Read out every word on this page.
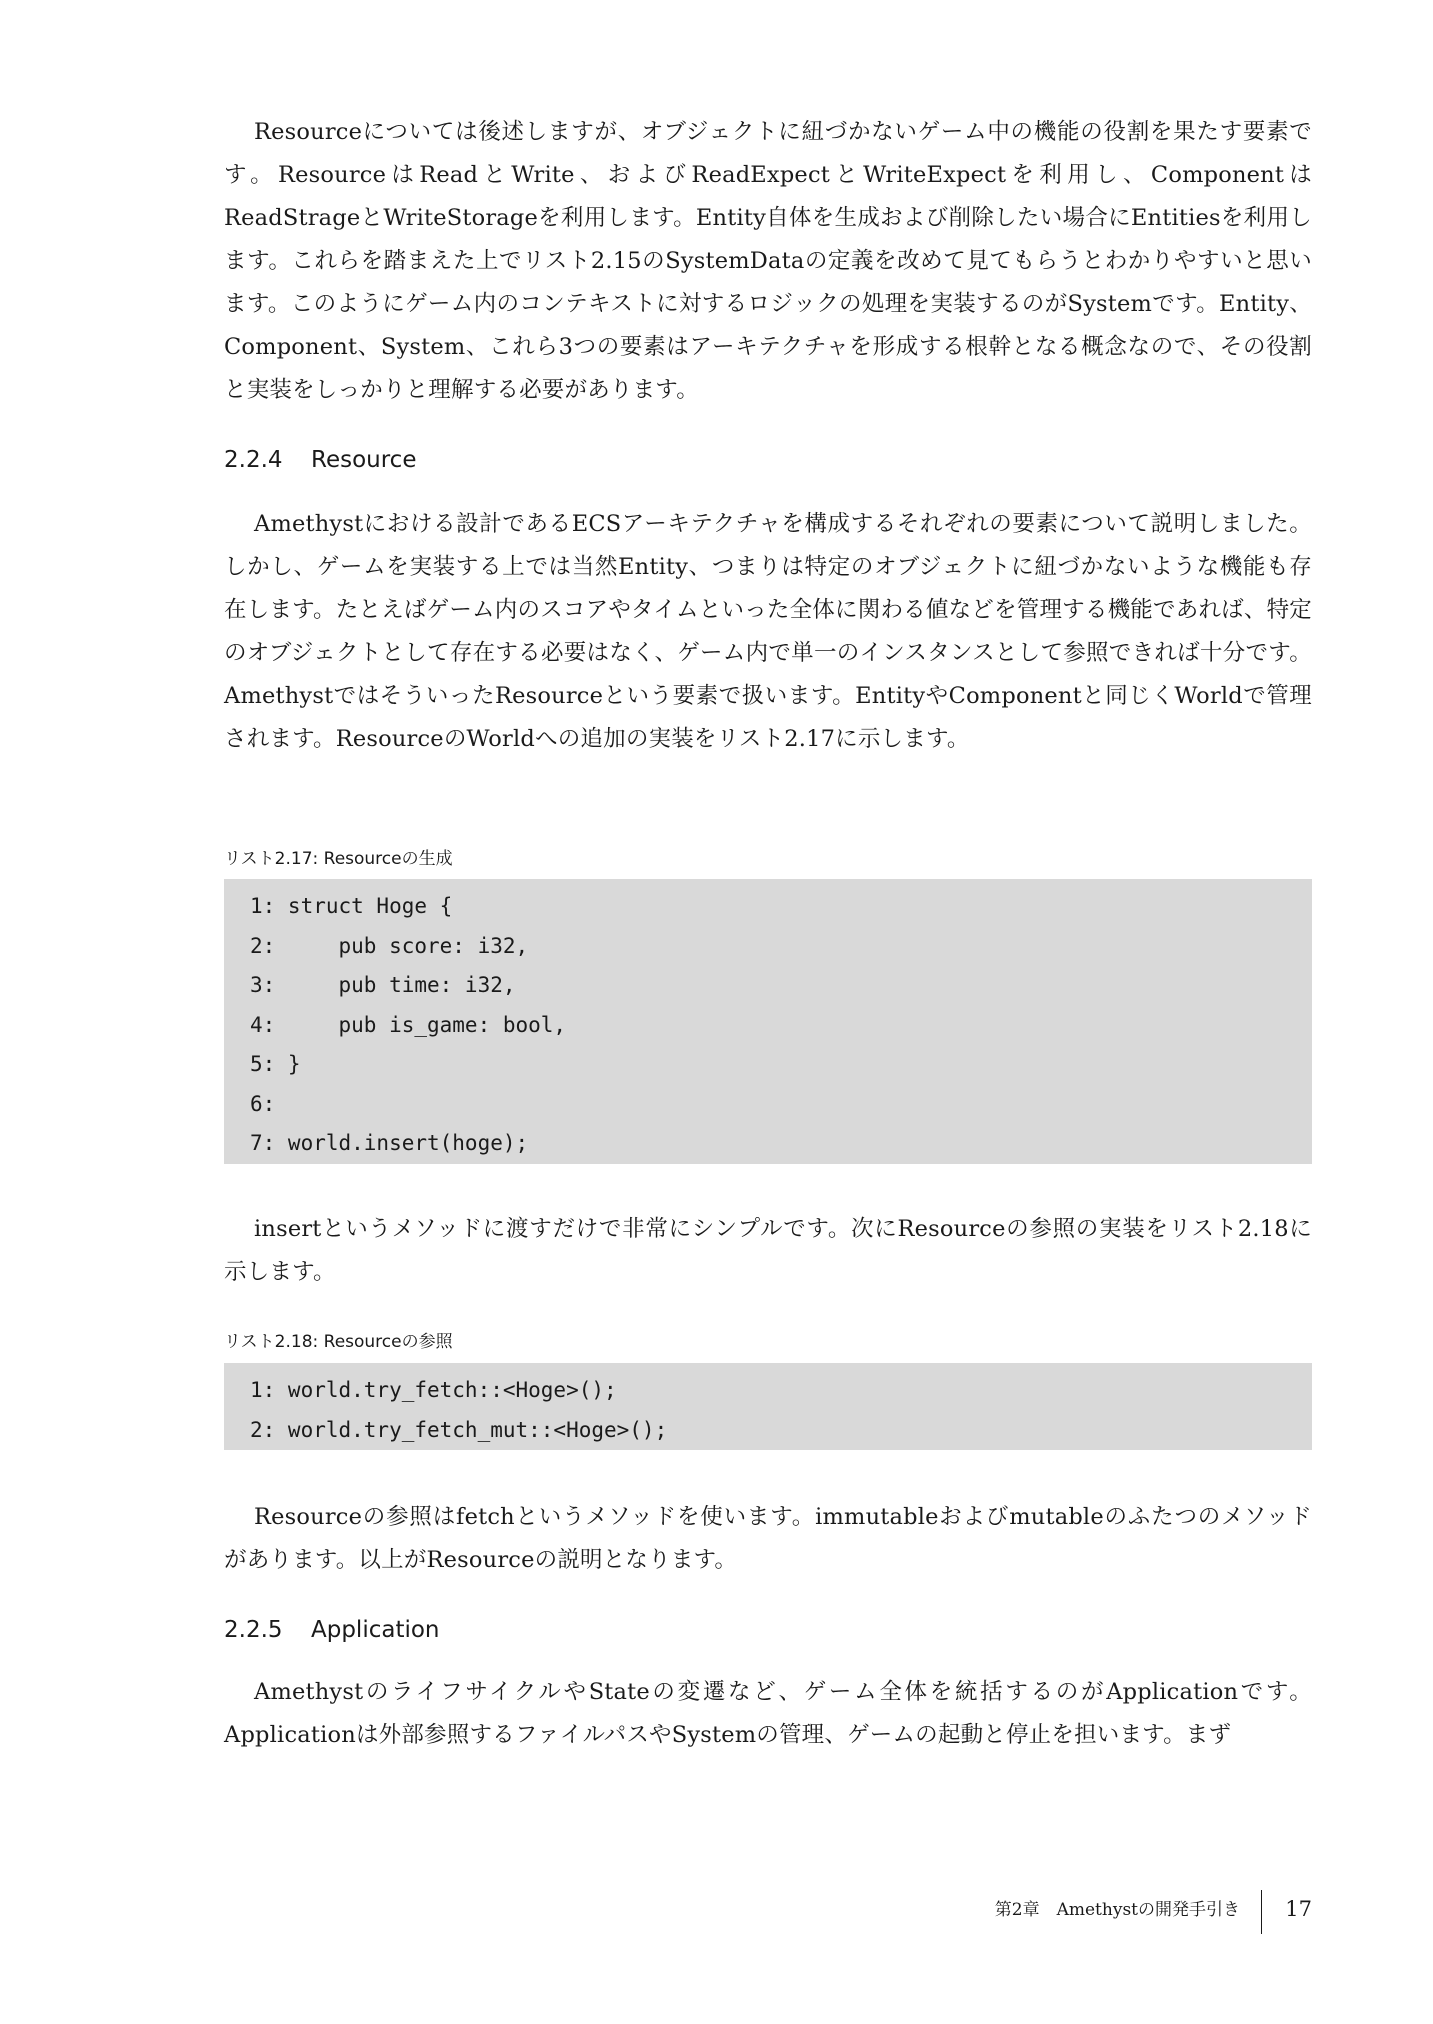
Resourceについては後述しますが、オブジェクトに紐づかないゲーム中の機能の役割を果たす要素です。ResourceはReadとWrite、およびReadExpectとWriteExpectを利用し、ComponentはReadStrageとWriteStorageを利用します。Entity自体を生成および削除したい場合にEntitiesを利用します。これらを踏まえた上でリスト2.15のSystemDataの定義を改めて見てもらうとわかりやすいと思います。このようにゲーム内のコンテキストに対するロジックの処理を実装するのがSystemです。Entity、Component、System、これら3つの要素はアーキテクチャを形成する根幹となる概念なので、その役割と実装をしっかりと理解する必要があります。

2.2.4 Resource

Amethystにおける設計であるECSアーキテクチャを構成するそれぞれの要素について説明しました。しかし、ゲームを実装する上では当然Entity、つまりは特定のオブジェクトに紐づかないような機能も存在します。たとえばゲーム内のスコアやタイムといった全体に関わる値などを管理する機能であれば、特定のオブジェクトとして存在する必要はなく、ゲーム内で単一のインスタンスとして参照できれば十分です。AmethystではそういったResourceという要素で扱います。EntityやComponentと同じくWorldで管理されます。ResourceのWorldへの追加の実装をリスト2.17に示します。

リスト2.17: Resourceの生成
1: struct Hoge {
2:     pub score: i32,
3:     pub time: i32,
4:     pub is_game: bool,
5: }
6:
7: world.insert(hoge);

insertというメソッドに渡すだけで非常にシンプルです。次にResourceの参照の実装をリスト2.18に示します。

リスト2.18: Resourceの参照
1: world.try_fetch::<Hoge>();
2: world.try_fetch_mut::<Hoge>();

Resourceの参照はfetchというメソッドを使います。immutableおよびmutableのふたつのメソッドがあります。以上がResourceの説明となります。

2.2.5 Application

AmethystのライフサイクルやStateの変遷など、ゲーム全体を統括するのがApplicationです。Applicationは外部参照するファイルパスやSystemの管理、ゲームの起動と停止を担います。まず

第2章　Amethystの開発手引き 17
